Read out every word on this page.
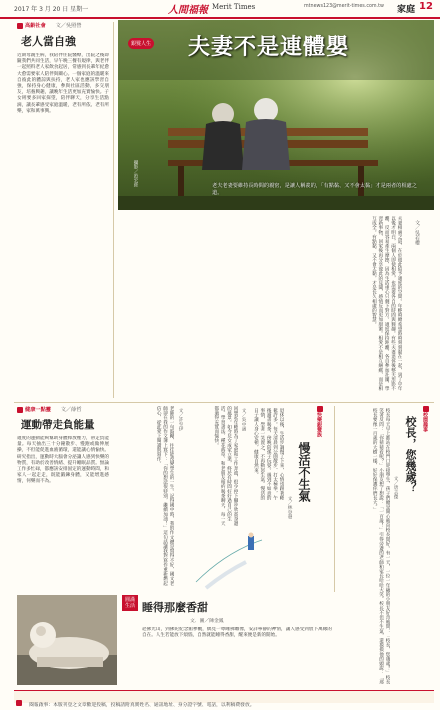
2017 年 3 月 20 日 星期一	人間福報 Merit Times	mtnews123@merit-times.com.tw 家庭 12
高齡社會 文／吳照營
老人當自強
近期母親生病，我陪伴住院醫療，出院之後即隨我們共同生活，早午晚三餐有規律，與老伴一起照料老人家飲食起居，常感到長輩年紀愈大愈需要家人陪伴與關心。一個家庭的溫暖來自彼此的體諒與扶持，老人家也應該學習自強，保持身心健康，參與社區活動，多交朋友，培養興趣，讓晚年生活更加充實愉快。子女則要多回家探望，陪伴聊天，分享生活點滴，讓長輩感受家庭溫暖，老有所依、老有所樂，家和萬事興。
銀髮人生 夫妻不是連體嬰
老夫老妻要維持長時間的親密，是讓人稱羨的，「有點黏、又不會太黏」才是兩者的相處之道。
攝影／范宏經
夫妻相處之道，在於彼此給予適度的空間。年輕時總希望時時刻刻黏在一起，到了中年以後才明白，兩個人即使相愛，也需要各自的時間與興趣。有些夫妻退休後整天形影不離，反而容易產生摩擦，因為生活重心只剩下對方。適度保持距離，各自參加社團、學習新事物，回家後再分享彼此的見聞，感情反而更加甜蜜。相愛不是相互綑綁，而是相互成全。有點黏、又不會太黏，才是長久相處的智慧。	文／吳若權
健康一點靈 文／薛哲
運動帶走負能量
適度的運動能夠幫助身體釋放壓力，帶走負能量。每天抽出三十分鐘散步、慢跑或做伸展操，不但能促進血液循環，還能讓心情愉快。研究指出，運動時大腦會分泌讓人感到快樂的物質，有助於改善情緒、提升睡眠品質。無論工作多忙碌，都應該安排固定的運動時間，和家人一起走走，既能鍛鍊身體，又能增進感情，何樂而不為。	老師的一句鼓勵，往往能改變學生的一生。記得國中時，我的作文總是寫得不好，國文老師卻在我的作文簿上寫下：「你的想法很特別，繼續加油！」這句話讓我對寫作重新燃起信心，從此愛上閱讀與寫作。	文／許至伊	回想起年輕時為了家庭和工作奔波，很少停下腳步欣賞身邊的風景。如今兒女成家立業，終於有時間好好過自己的生活。學習書法、種花蒔草、和老朋友相約喝茶聊天，每一天都過得充實而愉快。	文／吳中涵	快樂銀髮族
慢活不生氣
文／林登發
退休以後，生活步調慢了下來，心情也跟著輕鬆許多。每天清晨到公園散步、打太極拳，午後讀書喝茶，傍晚陪孫子玩耍。遇到不如意的事情，學著一笑置之，不再動怒生氣。慢活的日子讓人身心安頓，健康自然來。	校園趣事
校長，您幾歲？
文／唐志傑
校長每天早上都站在校門口迎接學生，孩子們總是開心地向校長問好。有一天，一位一年級的小朋友好奇地問：「校長，您幾歲？」校長笑著反問：「你猜猜看呢？」小朋友想了想說：「一百歲！」引得旁邊的老師和家長哈哈大笑。校長不但不生氣，還摸摸他的頭說：「那校長要像一百歲的大樹一樣，好好保護你們長大。」
圓滿生活 睡得那麼香甜
文．圖／陳金鳳
赴佛光山，到佛陀紀念館參觀，偶見一尊睡佛雕像，安詳寧靜的神情，讓人感受到放下萬緣的自在。人生若能放下煩惱，自然就能睡得香甜，醒來便是新的開始。
閱報啟事：本版刊登之文章歡迎投稿，投稿請附真實姓名、通訊地址、身分證字號、電話，以利稿費發放。
